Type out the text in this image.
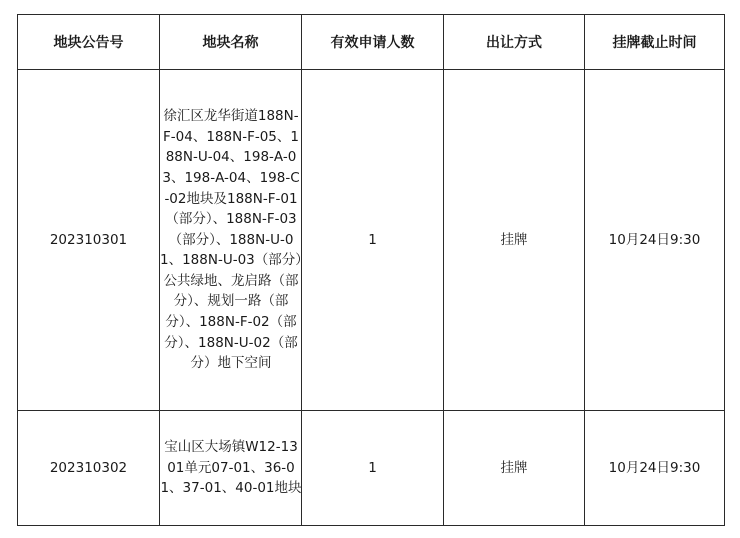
地块公告号	地块名称	有效申请人数	出让方式	挂牌截止时间
202310301	徐汇区龙华街道188N-F-04、188N-F-05、188N-U-04、198-A-03、198-A-04、198-C-02地块及188N-F-01（部分）、188N-F-03（部分）、188N-U-01、188N-U-03（部分）公共绿地、龙启路（部分）、规划一路（部分）、188N-F-02（部分）、188N-U-02（部分）地下空间	1	挂牌	10月24日9:30
202310302	宝山区大场镇W12-1301单元07-01、36-01、37-01、40-01地块	1	挂牌	10月24日9:30
